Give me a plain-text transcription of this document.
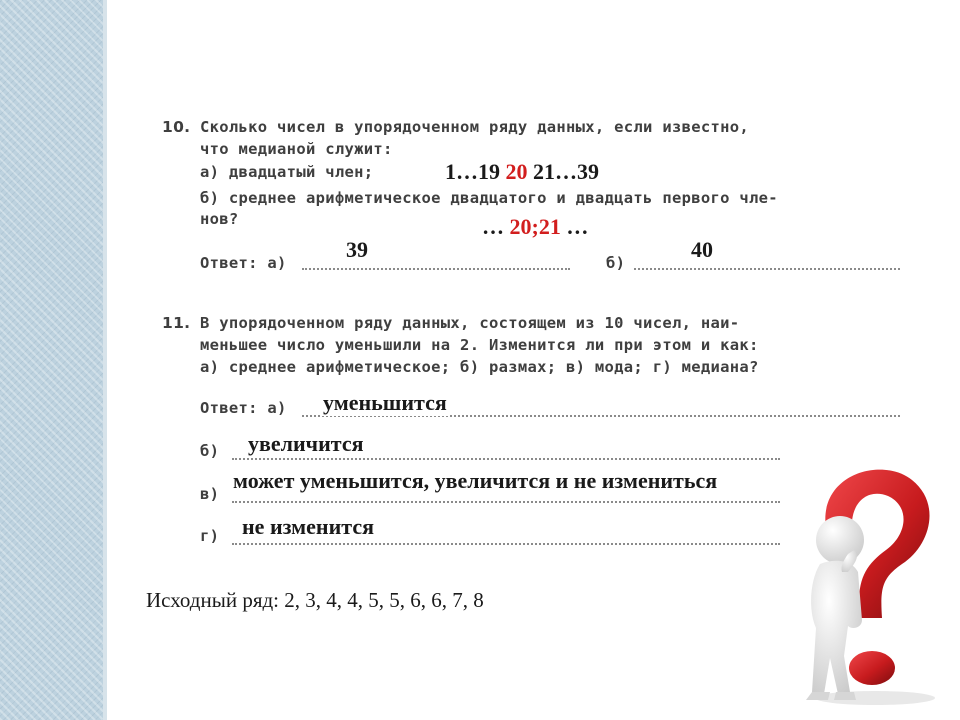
10. Сколько чисел в упорядоченном ряду данных, если известно,
что медианой служит:
а) двадцатый член;
б) среднее арифметическое двадцатого и двадцать первого чле-
нов?
1…19 20 21…39
… 20;21 …
Ответ: а)
39
б)
40
11. В упорядоченном ряду данных, состоящем из 10 чисел, наи-
меньшее число уменьшили на 2. Изменится ли при этом и как:
а) среднее арифметическое; б) размах; в) мода; г) медиана?
Ответ: а) уменьшится
б) увеличится
в)
может уменьшится, увеличится и не измениться
г) не изменится
Исходный ряд: 2, 3, 4, 4, 5, 5, 6, 6, 7, 8
